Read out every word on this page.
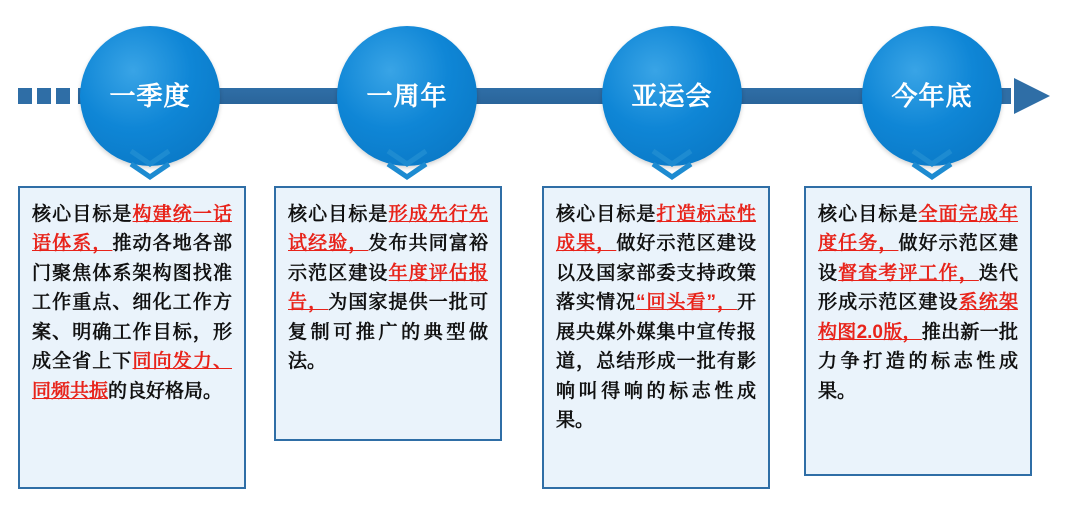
一季度	一周年	亚运会	今年底

核心目标是构建统一话语体系，推动各地各部门聚焦体系架构图找准工作重点、细化工作方案、明确工作目标，形成全省上下同向发力、同频共振的良好格局。

核心目标是形成先行先试经验，发布共同富裕示范区建设年度评估报告，为国家提供一批可复制可推广的典型做法。

核心目标是打造标志性成果，做好示范区建设以及国家部委支持政策落实情况“回头看”，开展央媒外媒集中宣传报道，总结形成一批有影响叫得响的标志性成果。

核心目标是全面完成年度任务，做好示范区建设督查考评工作，迭代形成示范区建设系统架构图2.0版，推出新一批力争打造的标志性成果。
